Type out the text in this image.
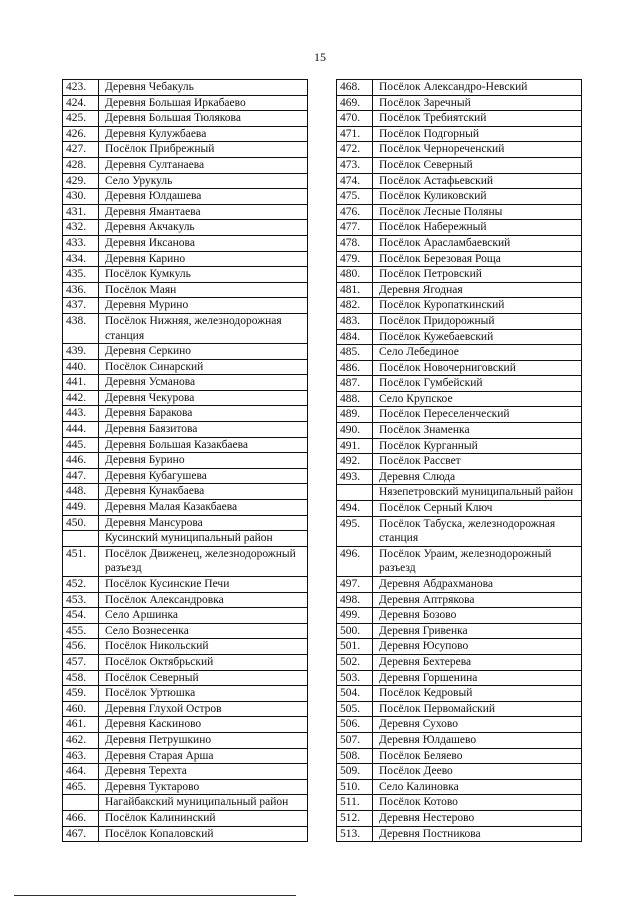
15
423.	Деревня Чебакуль
424.	Деревня Большая Иркабаево
425.	Деревня Большая Тюлякова
426.	Деревня Кулужбаева
427.	Посёлок Прибрежный
428.	Деревня Султанаева
429.	Село Урукуль
430.	Деревня Юлдашева
431.	Деревня Ямантаева
432.	Деревня Акчакуль
433.	Деревня Иксанова
434.	Деревня Карино
435.	Посёлок Кумкуль
436.	Посёлок Маян
437.	Деревня Мурино
438.	Посёлок Нижняя, железнодорожная станция
439.	Деревня Серкино
440.	Посёлок Синарский
441.	Деревня Усманова
442.	Деревня Чекурова
443.	Деревня Баракова
444.	Деревня Баязитова
445.	Деревня Большая Казакбаева
446.	Деревня Бурино
447.	Деревня Кубагушева
448.	Деревня Кунакбаева
449.	Деревня Малая Казакбаева
450.	Деревня Мансурова
	Кусинский муниципальный район
451.	Посёлок Движенец, железнодорожный разъезд
452.	Посёлок Кусинские Печи
453.	Посёлок Александровка
454.	Село Аршинка
455.	Село Вознесенка
456.	Посёлок Никольский
457.	Посёлок Октябрьский
458.	Посёлок Северный
459.	Посёлок Уртюшка
460.	Деревня Глухой Остров
461.	Деревня Каскиново
462.	Деревня Петрушкино
463.	Деревня Старая Арша
464.	Деревня Терехта
465.	Деревня Туктарово
	Нагайбакский муниципальный район
466.	Посёлок Калининский
467.	Посёлок Копаловский
468.	Посёлок Александро-Невский
469.	Посёлок Заречный
470.	Посёлок Требиятский
471.	Посёлок Подгорный
472.	Посёлок Чернореченский
473.	Посёлок Северный
474.	Посёлок Астафьевский
475.	Посёлок Куликовский
476.	Посёлок Лесные Поляны
477.	Посёлок Набережный
478.	Посёлок Арасламбаевский
479.	Посёлок Березовая Роща
480.	Посёлок Петровский
481.	Деревня Ягодная
482.	Посёлок Куропаткинский
483.	Посёлок Придорожный
484.	Посёлок Кужебаевский
485.	Село Лебединое
486.	Посёлок Новочерниговский
487.	Посёлок Гумбейский
488.	Село Крупское
489.	Посёлок Переселенческий
490.	Посёлок Знаменка
491.	Посёлок Курганный
492.	Посёлок Рассвет
493.	Деревня Слюда
	Нязепетровский муниципальный район
494.	Посёлок Серный Ключ
495.	Посёлок Табуска, железнодорожная станция
496.	Посёлок Ураим, железнодорожный разъезд
497.	Деревня Абдрахманова
498.	Деревня Аптрякова
499.	Деревня Бозово
500.	Деревня Гривенка
501.	Деревня Юсупово
502.	Деревня Бехтерева
503.	Деревня Горшенина
504.	Посёлок Кедровый
505.	Посёлок Первомайский
506.	Деревня Сухово
507.	Деревня Юлдашево
508.	Посёлок Беляево
509.	Посёлок Деево
510.	Село Калиновка
511.	Посёлок Котово
512.	Деревня Нестерово
513.	Деревня Постникова
